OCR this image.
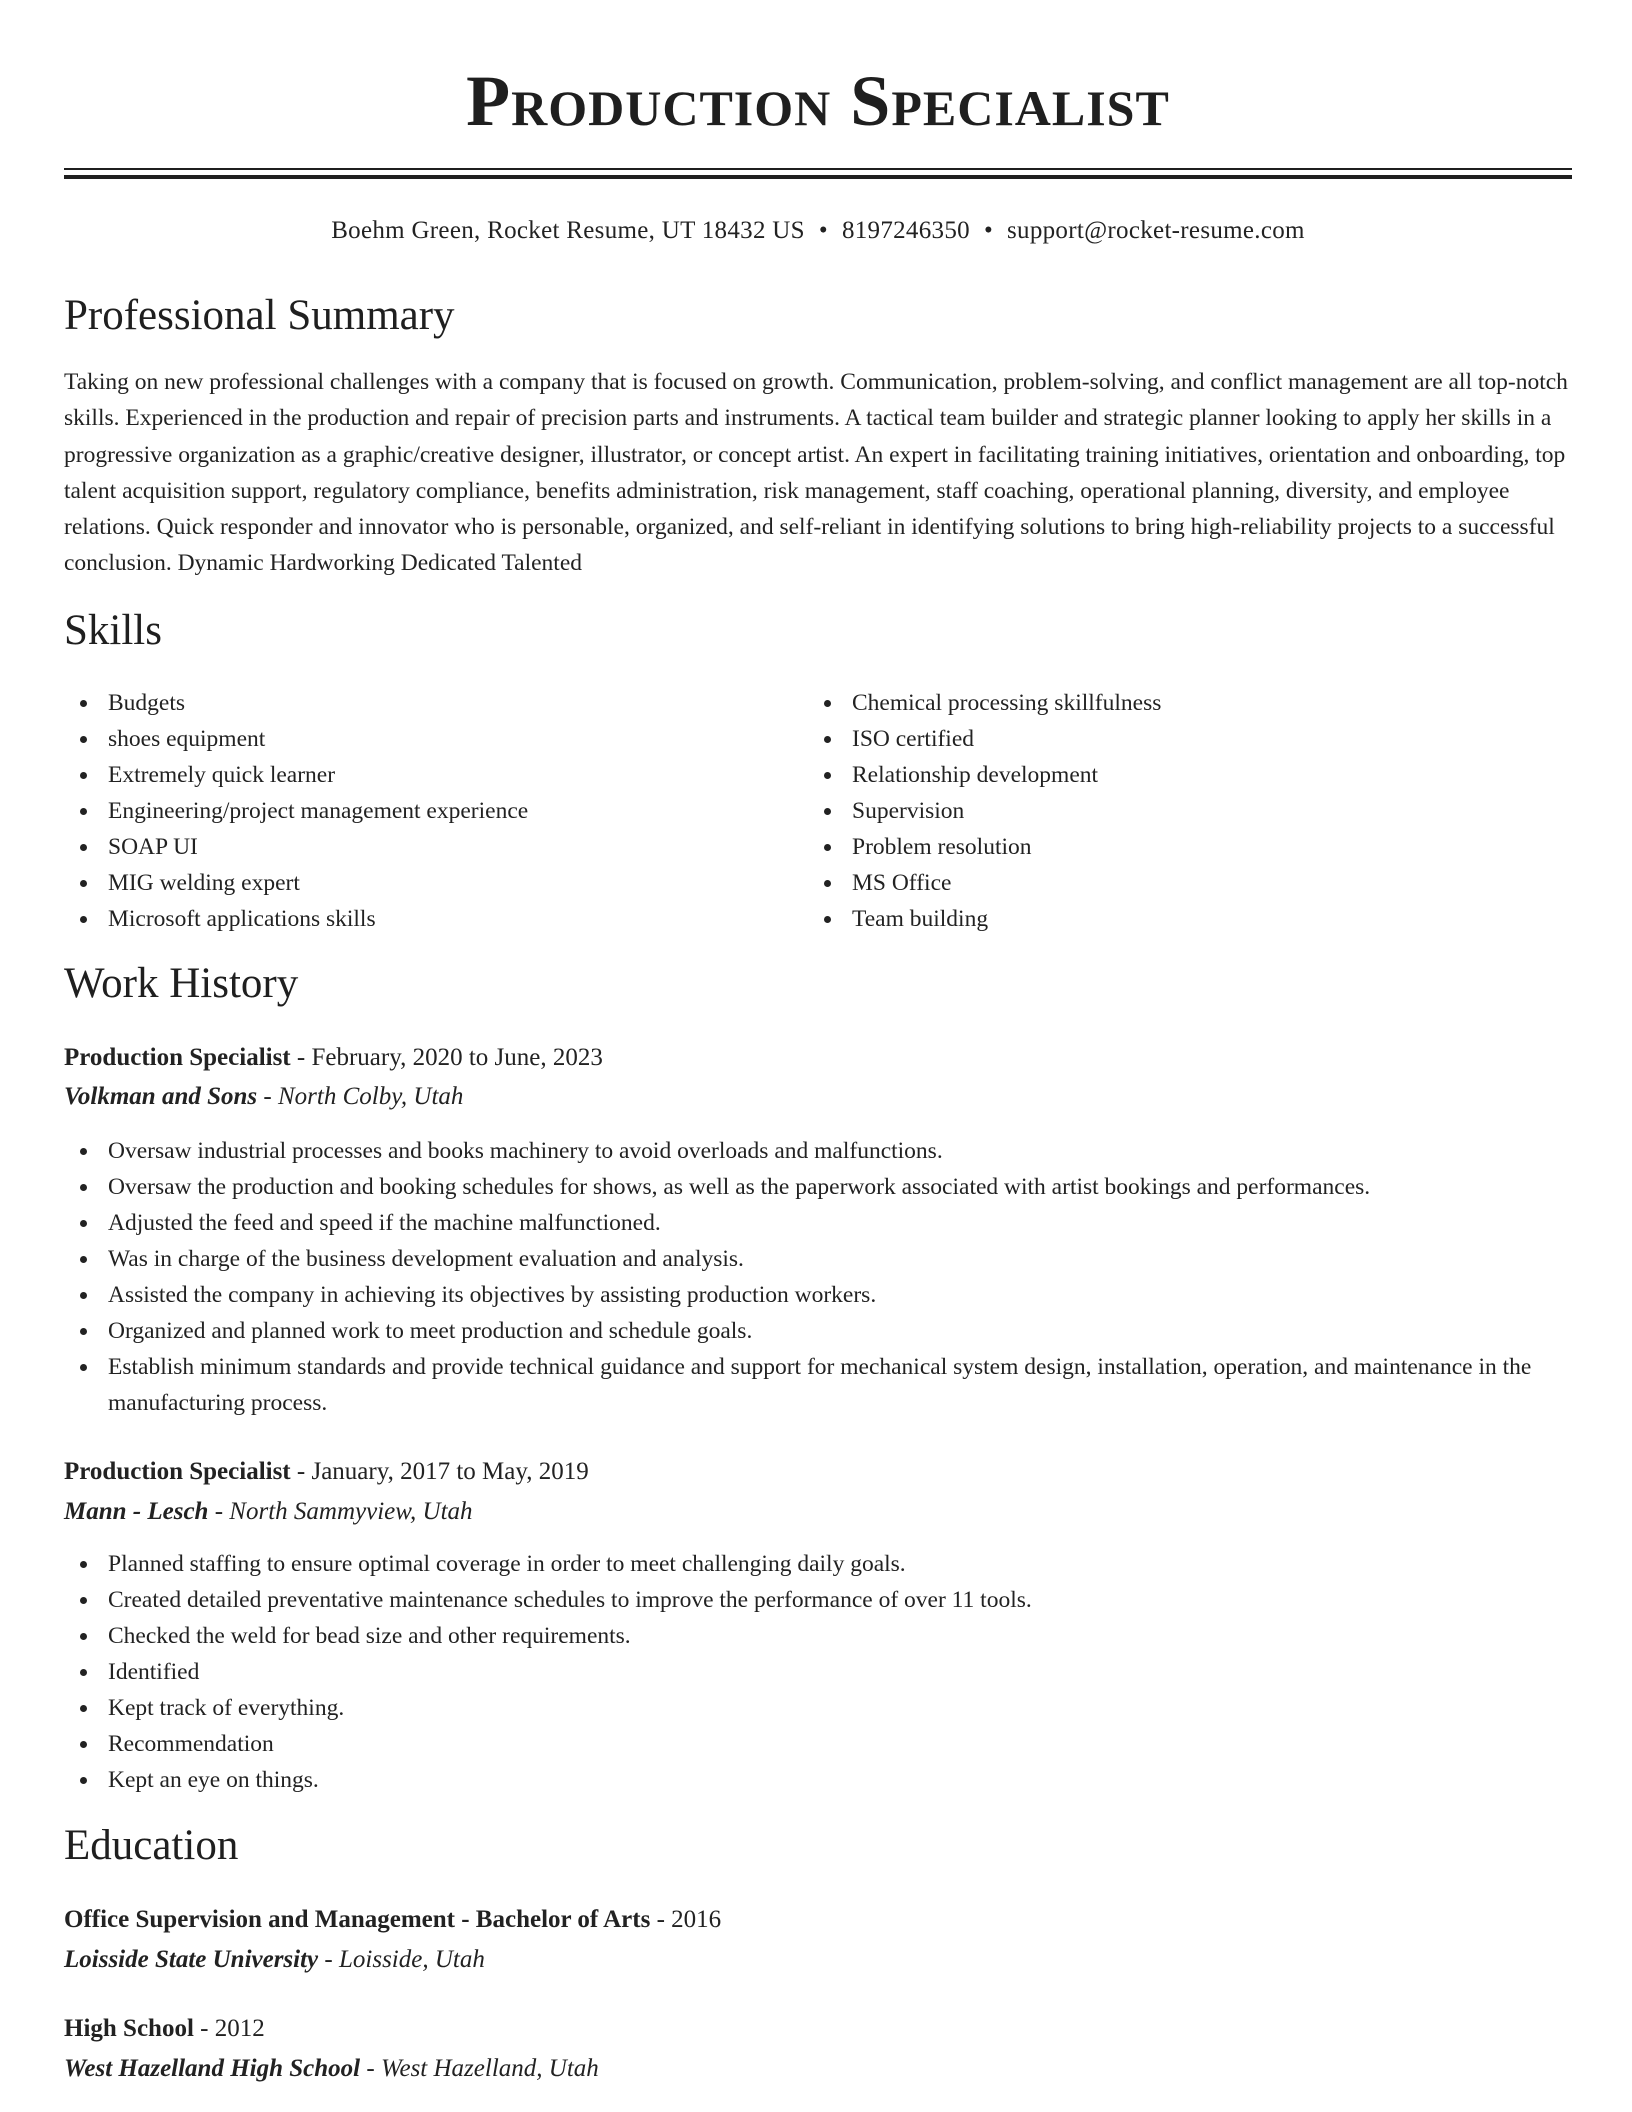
Production Specialist
Boehm Green, Rocket Resume, UT 18432 US • 8197246350 • support@rocket-resume.com
Professional Summary

Taking on new professional challenges with a company that is focused on growth. Communication, problem-solving, and conflict management are all top-notch skills. Experienced in the production and repair of precision parts and instruments. A tactical team builder and strategic planner looking to apply her skills in a progressive organization as a graphic/creative designer, illustrator, or concept artist. An expert in facilitating training initiatives, orientation and onboarding, top talent acquisition support, regulatory compliance, benefits administration, risk management, staff coaching, operational planning, diversity, and employee relations. Quick responder and innovator who is personable, organized, and self-reliant in identifying solutions to bring high-reliability projects to a successful conclusion. Dynamic Hardworking Dedicated Talented

Skills
Budgets
shoes equipment
Extremely quick learner
Engineering/project management experience
SOAP UI
MIG welding expert
Microsoft applications skills
Chemical processing skillfulness
ISO certified
Relationship development
Supervision
Problem resolution
MS Office
Team building
Work History
Production Specialist - February, 2020 to June, 2023
Volkman and Sons - North Colby, Utah
Oversaw industrial processes and books machinery to avoid overloads and malfunctions.
Oversaw the production and booking schedules for shows, as well as the paperwork associated with artist bookings and performances.
Adjusted the feed and speed if the machine malfunctioned.
Was in charge of the business development evaluation and analysis.
Assisted the company in achieving its objectives by assisting production workers.
Organized and planned work to meet production and schedule goals.
Establish minimum standards and provide technical guidance and support for mechanical system design, installation, operation, and maintenance in the manufacturing process.
Production Specialist - January, 2017 to May, 2019
Mann - Lesch - North Sammyview, Utah
Planned staffing to ensure optimal coverage in order to meet challenging daily goals.
Created detailed preventative maintenance schedules to improve the performance of over 11 tools.
Checked the weld for bead size and other requirements.
Identified
Kept track of everything.
Recommendation
Kept an eye on things.
Education
Office Supervision and Management - Bachelor of Arts - 2016
Loisside State University - Loisside, Utah
High School - 2012
West Hazelland High School - West Hazelland, Utah
